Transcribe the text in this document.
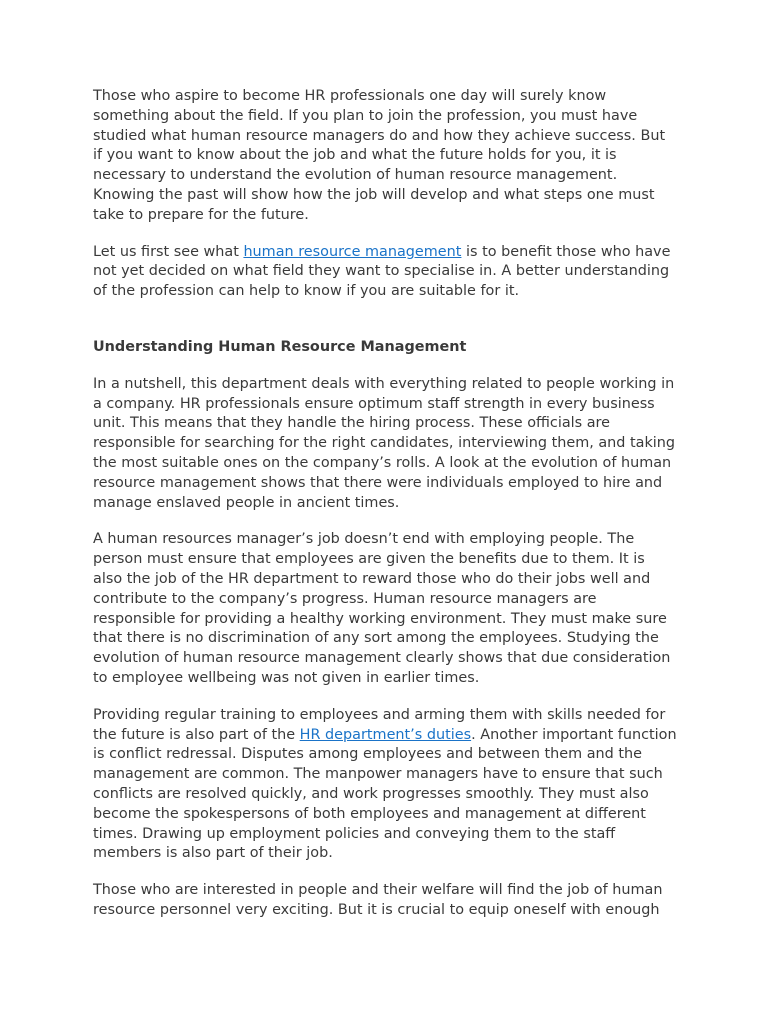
Those who aspire to become HR professionals one day will surely know something about the field. If you plan to join the profession, you must have studied what human resource managers do and how they achieve success. But if you want to know about the job and what the future holds for you, it is necessary to understand the evolution of human resource management. Knowing the past will show how the job will develop and what steps one must take to prepare for the future.

Let us first see what human resource management is to benefit those who have not yet decided on what field they want to specialise in. A better understanding of the profession can help to know if you are suitable for it.

Understanding Human Resource Management

In a nutshell, this department deals with everything related to people working in a company. HR professionals ensure optimum staff strength in every business unit. This means that they handle the hiring process. These officials are responsible for searching for the right candidates, interviewing them, and taking the most suitable ones on the company’s rolls. A look at the evolution of human resource management shows that there were individuals employed to hire and manage enslaved people in ancient times.

A human resources manager’s job doesn’t end with employing people. The person must ensure that employees are given the benefits due to them. It is also the job of the HR department to reward those who do their jobs well and contribute to the company’s progress. Human resource managers are responsible for providing a healthy working environment. They must make sure that there is no discrimination of any sort among the employees. Studying the evolution of human resource management clearly shows that due consideration to employee wellbeing was not given in earlier times.

Providing regular training to employees and arming them with skills needed for the future is also part of the HR department’s duties. Another important function is conflict redressal. Disputes among employees and between them and the management are common. The manpower managers have to ensure that such conflicts are resolved quickly, and work progresses smoothly. They must also become the spokespersons of both employees and management at different times. Drawing up employment policies and conveying them to the staff members is also part of their job.

Those who are interested in people and their welfare will find the job of human resource personnel very exciting. But it is crucial to equip oneself with enough
